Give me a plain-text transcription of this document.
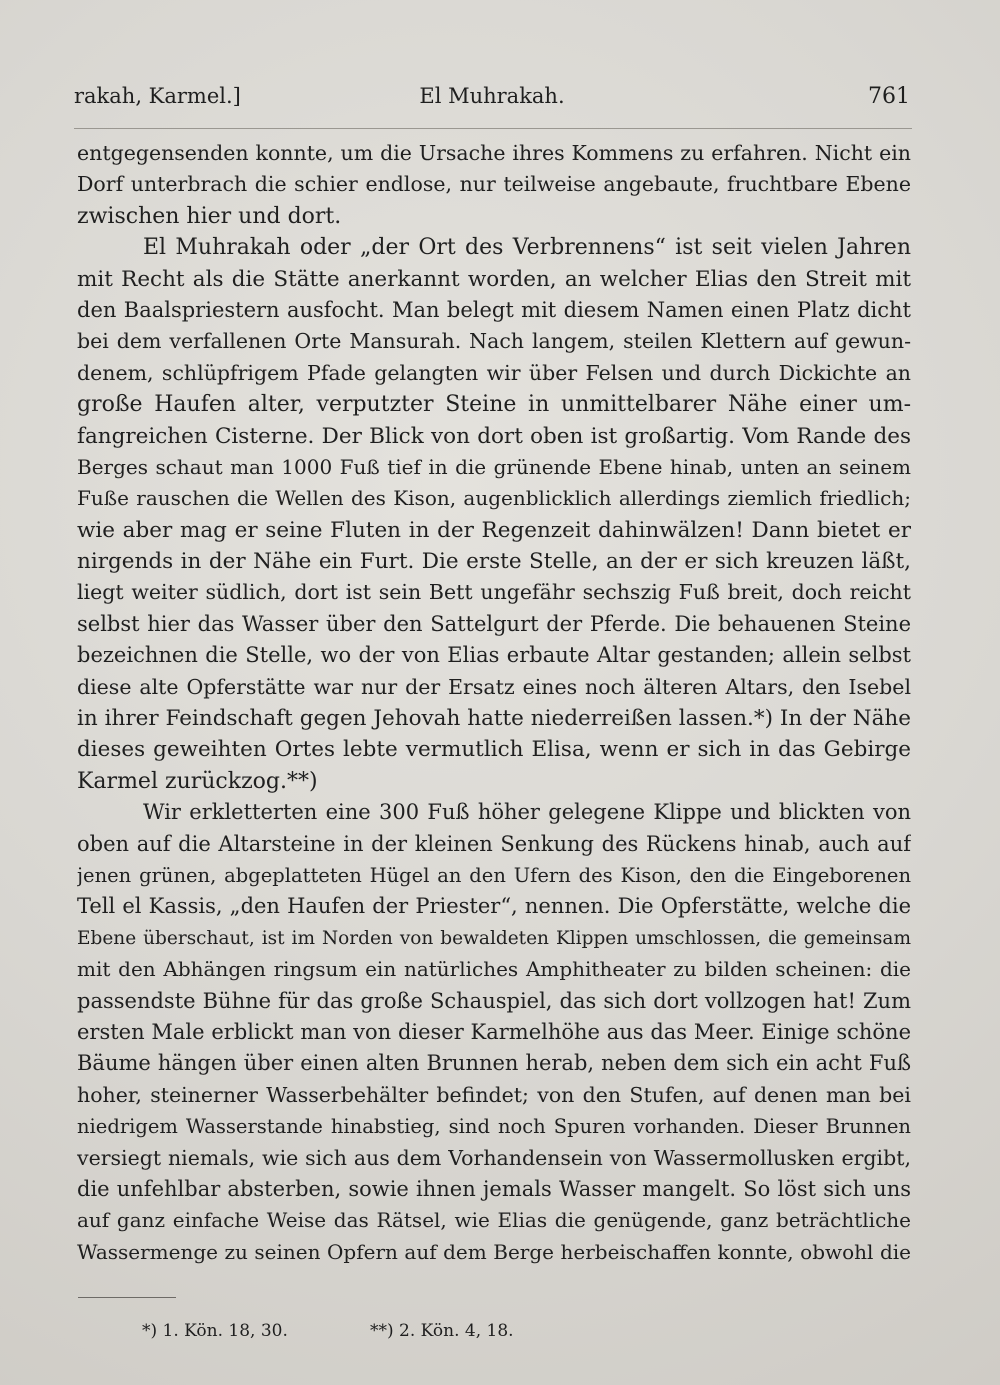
rakah, Karmel.]	El Muhrakah.	761
entgegensenden konnte, um die Ursache ihres Kommens zu erfahren. Nicht ein
Dorf unterbrach die schier endlose, nur teilweise angebaute, fruchtbare Ebene
zwischen hier und dort.
El Muhrakah oder „der Ort des Verbrennens“ ist seit vielen Jahren
mit Recht als die Stätte anerkannt worden, an welcher Elias den Streit mit
den Baalspriestern ausfocht. Man belegt mit diesem Namen einen Platz dicht
bei dem verfallenen Orte Mansurah. Nach langem, steilen Klettern auf gewun-
denem, schlüpfrigem Pfade gelangten wir über Felsen und durch Dickichte an
große Haufen alter, verputzter Steine in unmittelbarer Nähe einer um-
fangreichen Cisterne. Der Blick von dort oben ist großartig. Vom Rande des
Berges schaut man 1000 Fuß tief in die grünende Ebene hinab, unten an seinem
Fuße rauschen die Wellen des Kison, augenblicklich allerdings ziemlich friedlich;
wie aber mag er seine Fluten in der Regenzeit dahinwälzen! Dann bietet er
nirgends in der Nähe ein Furt. Die erste Stelle, an der er sich kreuzen läßt,
liegt weiter südlich, dort ist sein Bett ungefähr sechszig Fuß breit, doch reicht
selbst hier das Wasser über den Sattelgurt der Pferde. Die behauenen Steine
bezeichnen die Stelle, wo der von Elias erbaute Altar gestanden; allein selbst
diese alte Opferstätte war nur der Ersatz eines noch älteren Altars, den Isebel
in ihrer Feindschaft gegen Jehovah hatte niederreißen lassen.*) In der Nähe
dieses geweihten Ortes lebte vermutlich Elisa, wenn er sich in das Gebirge
Karmel zurückzog.**)
Wir erkletterten eine 300 Fuß höher gelegene Klippe und blickten von
oben auf die Altarsteine in der kleinen Senkung des Rückens hinab, auch auf
jenen grünen, abgeplatteten Hügel an den Ufern des Kison, den die Eingeborenen
Tell el Kassis, „den Haufen der Priester“, nennen. Die Opferstätte, welche die
Ebene überschaut, ist im Norden von bewaldeten Klippen umschlossen, die gemeinsam
mit den Abhängen ringsum ein natürliches Amphitheater zu bilden scheinen: die
passendste Bühne für das große Schauspiel, das sich dort vollzogen hat! Zum
ersten Male erblickt man von dieser Karmelhöhe aus das Meer. Einige schöne
Bäume hängen über einen alten Brunnen herab, neben dem sich ein acht Fuß
hoher, steinerner Wasserbehälter befindet; von den Stufen, auf denen man bei
niedrigem Wasserstande hinabstieg, sind noch Spuren vorhanden. Dieser Brunnen
versiegt niemals, wie sich aus dem Vorhandensein von Wassermollusken ergibt,
die unfehlbar absterben, sowie ihnen jemals Wasser mangelt. So löst sich uns
auf ganz einfache Weise das Rätsel, wie Elias die genügende, ganz beträchtliche
Wassermenge zu seinen Opfern auf dem Berge herbeischaffen konnte, obwohl die
*) 1. Kön. 18, 30.	**) 2. Kön. 4, 18.
